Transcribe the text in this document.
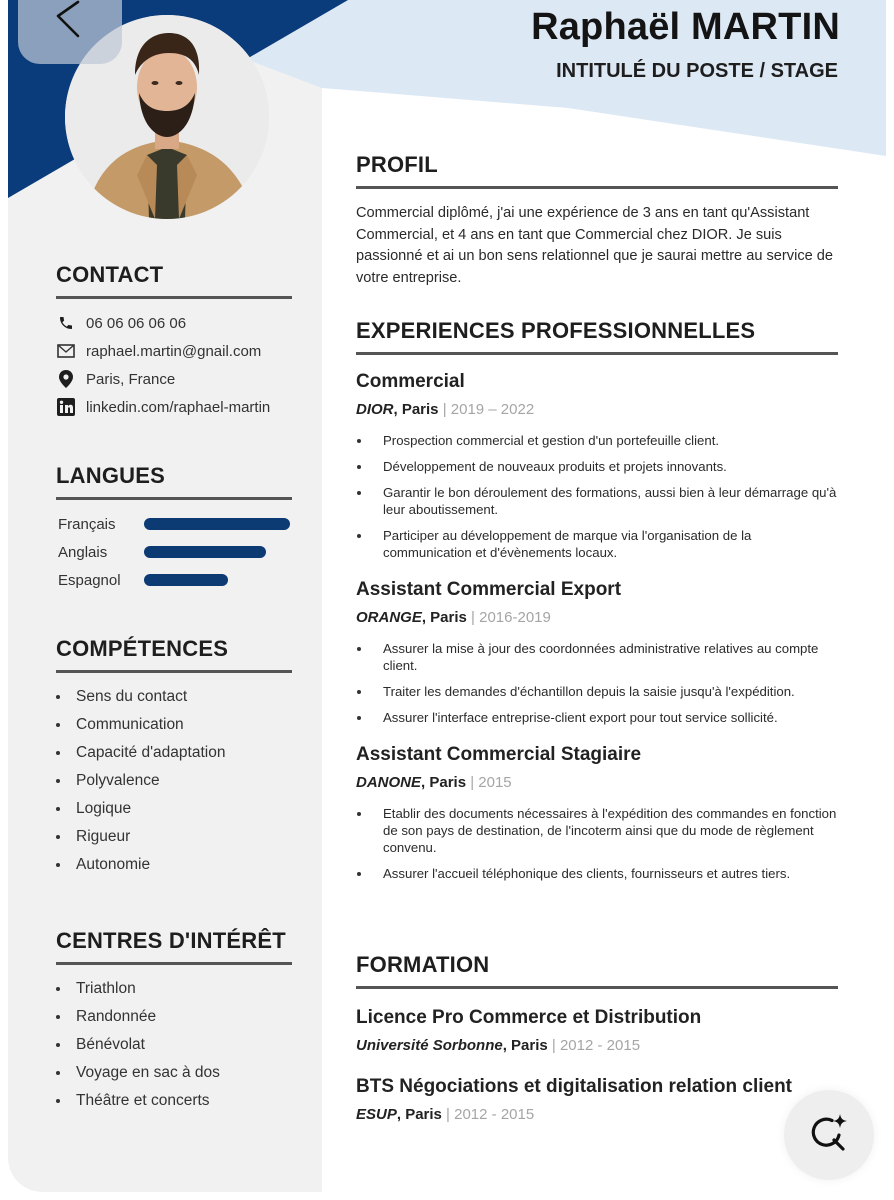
Raphaël MARTIN
INTITULÉ DU POSTE / STAGE
CONTACT
06 06 06 06 06
raphael.martin@gnail.com
Paris, France
linkedin.com/raphael-martin
LANGUES
Français
Anglais
Espagnol
COMPÉTENCES
Sens du contact
Communication
Capacité d'adaptation
Polyvalence
Logique
Rigueur
Autonomie
CENTRES D'INTÉRÊT
Triathlon
Randonnée
Bénévolat
Voyage en sac à dos
Théâtre et concerts
PROFIL

Commercial diplômé, j'ai une expérience de 3 ans en tant qu'Assistant Commercial, et 4 ans en tant que Commercial chez DIOR. Je suis passionné et ai un bon sens relationnel que je saurai mettre au service de votre entreprise.

EXPERIENCES PROFESSIONNELLES
Commercial
DIOR, Paris | 2019 – 2022
Prospection commercial et gestion d'un portefeuille client.
Développement de nouveaux produits et projets innovants.
Garantir le bon déroulement des formations, aussi bien à leur démarrage qu'à leur aboutissement.
Participer au développement de marque via l'organisation de la communication et d'évènements locaux.
Assistant Commercial Export
ORANGE, Paris | 2016-2019
Assurer la mise à jour des coordonnées administrative relatives au compte client.
Traiter les demandes d'échantillon depuis la saisie jusqu'à l'expédition.
Assurer l'interface entreprise-client export pour tout service sollicité.
Assistant Commercial Stagiaire
DANONE, Paris | 2015
Etablir des documents nécessaires à l'expédition des commandes en fonction de son pays de destination, de l'incoterm ainsi que du mode de règlement convenu.
Assurer l'accueil téléphonique des clients, fournisseurs et autres tiers.
FORMATION
Licence Pro Commerce et Distribution
Université Sorbonne, Paris | 2012 - 2015
BTS Négociations et digitalisation relation client
ESUP, Paris | 2012 - 2015
